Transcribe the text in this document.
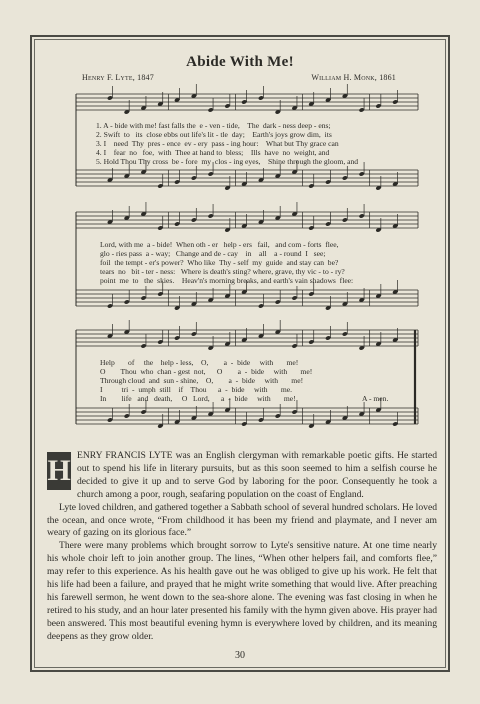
Abide With Me!
Henry F. Lyte, 1847	William H. Monk, 1861
1. A - bide with me! fast falls the  e - ven - tide,    The  dark - ness deep - ens;
2. Swift  to   its  close ebbs out life's lit - tle  day;    Earth's joys grow dim,  its
3. I    need  Thy  pres - ence  ev - ery  pass - ing hour:    What but Thy grace can
4. I    fear  no   foe,  with  Thee at hand to  bless;    Ills  have  no  weight, and
5. Hold Thou Thy cross  be - fore  my  clos - ing eyes,    Shine through the gloom, and
Lord, with me  a - bide!  When oth - er   help - ers   fail,   and com - forts  flee,
glo - ries pass  a - way;   Change and de - cay    in    all    a - round  I   see;
foil  the tempt - er's power?  Who like  Thy - self  my  guide  and stay can  be?
tears  no   bit - ter - ness:   Where is death's sting? where, grave, thy vic - to - ry?
point  me  to   the  skies.    Heav'n's morning breaks, and earth's vain shadows  flee:
Help       of     the    help - less,    O,        a  -  bide     with       me!
O        Thou  who  chan - gest  not,      O        a  -  bide     with       me!
Through cloud  and  sun - shine,    O,        a  -  bide     with       me!
I          tri  -  umph  still    if    Thou      a  -  bide     with       me.
In        life   and   death,     O   Lord,      a  -  bide     with       me!	A - men.
H ENRY FRANCIS LYTE was an English clergyman with remarkable poetic gifts. He started out to spend his life in literary pursuits, but as this soon seemed to him a selfish course he decided to give it up and to serve God by laboring for the poor. Consequently he took a church among a poor, rough, seafaring population on the coast of England.

Lyte loved children, and gathered together a Sabbath school of several hundred scholars. He loved the ocean, and once wrote, “From childhood it has been my friend and playmate, and I never am weary of gazing on its glorious face.”

There were many problems which brought sorrow to Lyte's sensitive nature. At one time nearly his whole choir left to join another group. The lines, “When other helpers fail, and comforts flee,” may refer to this experience. As his health gave out he was obliged to give up his work. He felt that his life had been a failure, and prayed that he might write something that would live. After preaching his farewell sermon, he went down to the sea-shore alone. The evening was fast closing in when he retired to his study, and an hour later presented his family with the hymn given above. His prayer had been answered. This most beautiful evening hymn is everywhere loved by children, and its meaning deepens as they grow older.

30
